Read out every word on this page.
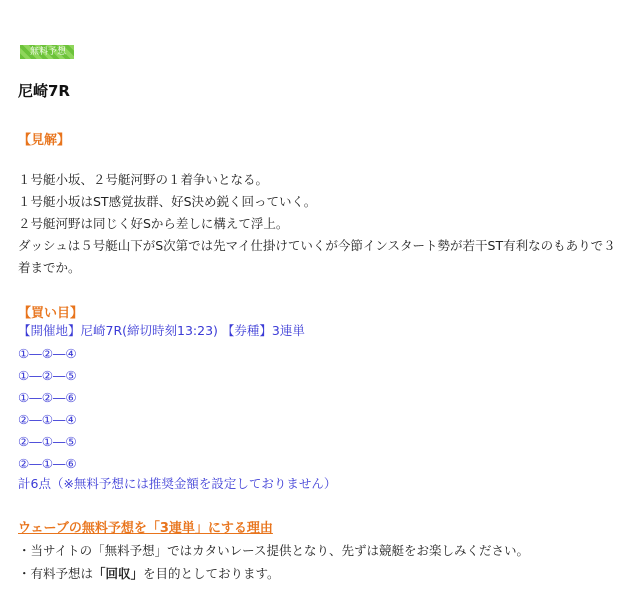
無料予想
尼崎7R
【見解】

１号艇小坂、２号艇河野の１着争いとなる。

１号艇小坂はST感覚抜群、好S決め鋭く回っていく。

２号艇河野は同じく好Sから差しに構えて浮上。

ダッシュは５号艇山下がS次第では先マイ仕掛けていくが今節インスタート勢が若干ST有利なのもありで３着までか。

【買い目】
【開催地】尼崎7R(締切時刻13:23) 【券種】3連単
①―②―④
①―②―⑤
①―②―⑥
②―①―④
②―①―⑤
②―①―⑥
計6点（※無料予想には推奨金額を設定しておりません）
ウェーブの無料予想を「3連単」にする理由
・当サイトの「無料予想」ではカタいレース提供となり、先ずは競艇をお楽しみください。
・有料予想は「回収」を目的としております。
